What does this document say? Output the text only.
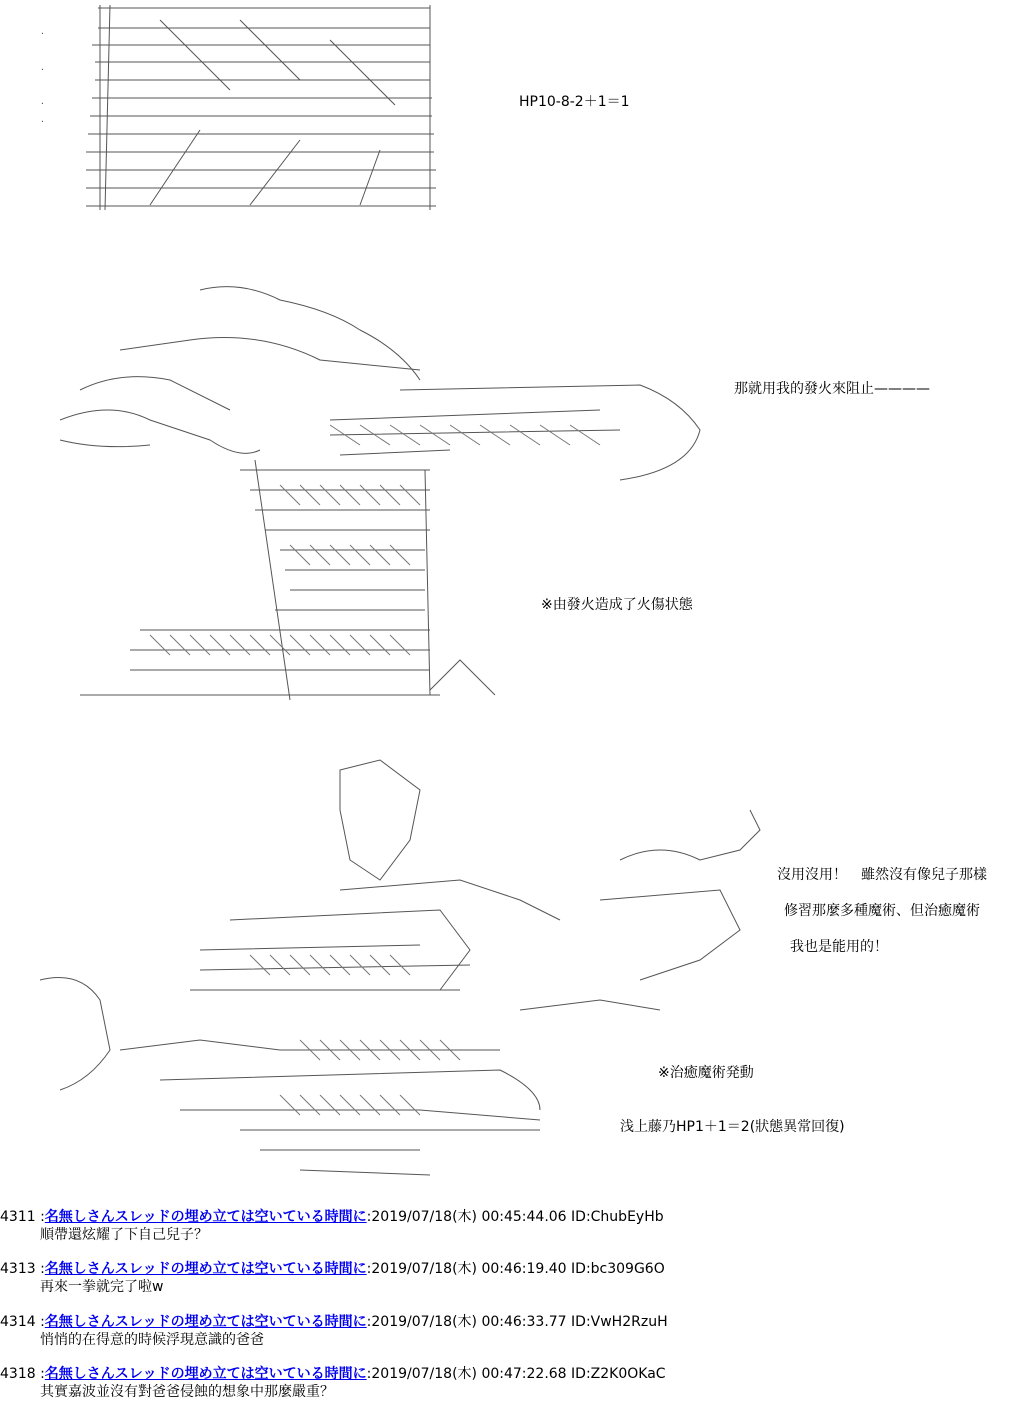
.
.
.
.
HP10-8-2＋1＝1
那就用我的發火來阻止————
※由發火造成了火傷状態
沒用沒用！　雖然沒有像兒子那樣
修習那麼多種魔術、但治癒魔術
我也是能用的！
※治癒魔術発動
浅上藤乃HP1＋1＝2(狀態異常回復)
4311 :名無しさんスレッドの埋め立ては空いている時間に:2019/07/18(木) 00:45:44.06 ID:ChubEyHb
順帶還炫耀了下自己兒子？
4313 :名無しさんスレッドの埋め立ては空いている時間に:2019/07/18(木) 00:46:19.40 ID:bc309G6O
再來一拳就完了啦w
4314 :名無しさんスレッドの埋め立ては空いている時間に:2019/07/18(木) 00:46:33.77 ID:VwH2RzuH
悄悄的在得意的時候浮現意識的爸爸
4318 :名無しさんスレッドの埋め立ては空いている時間に:2019/07/18(木) 00:47:22.68 ID:Z2K0OKaC
其實嘉波並沒有對爸爸侵蝕的想象中那麼嚴重？
